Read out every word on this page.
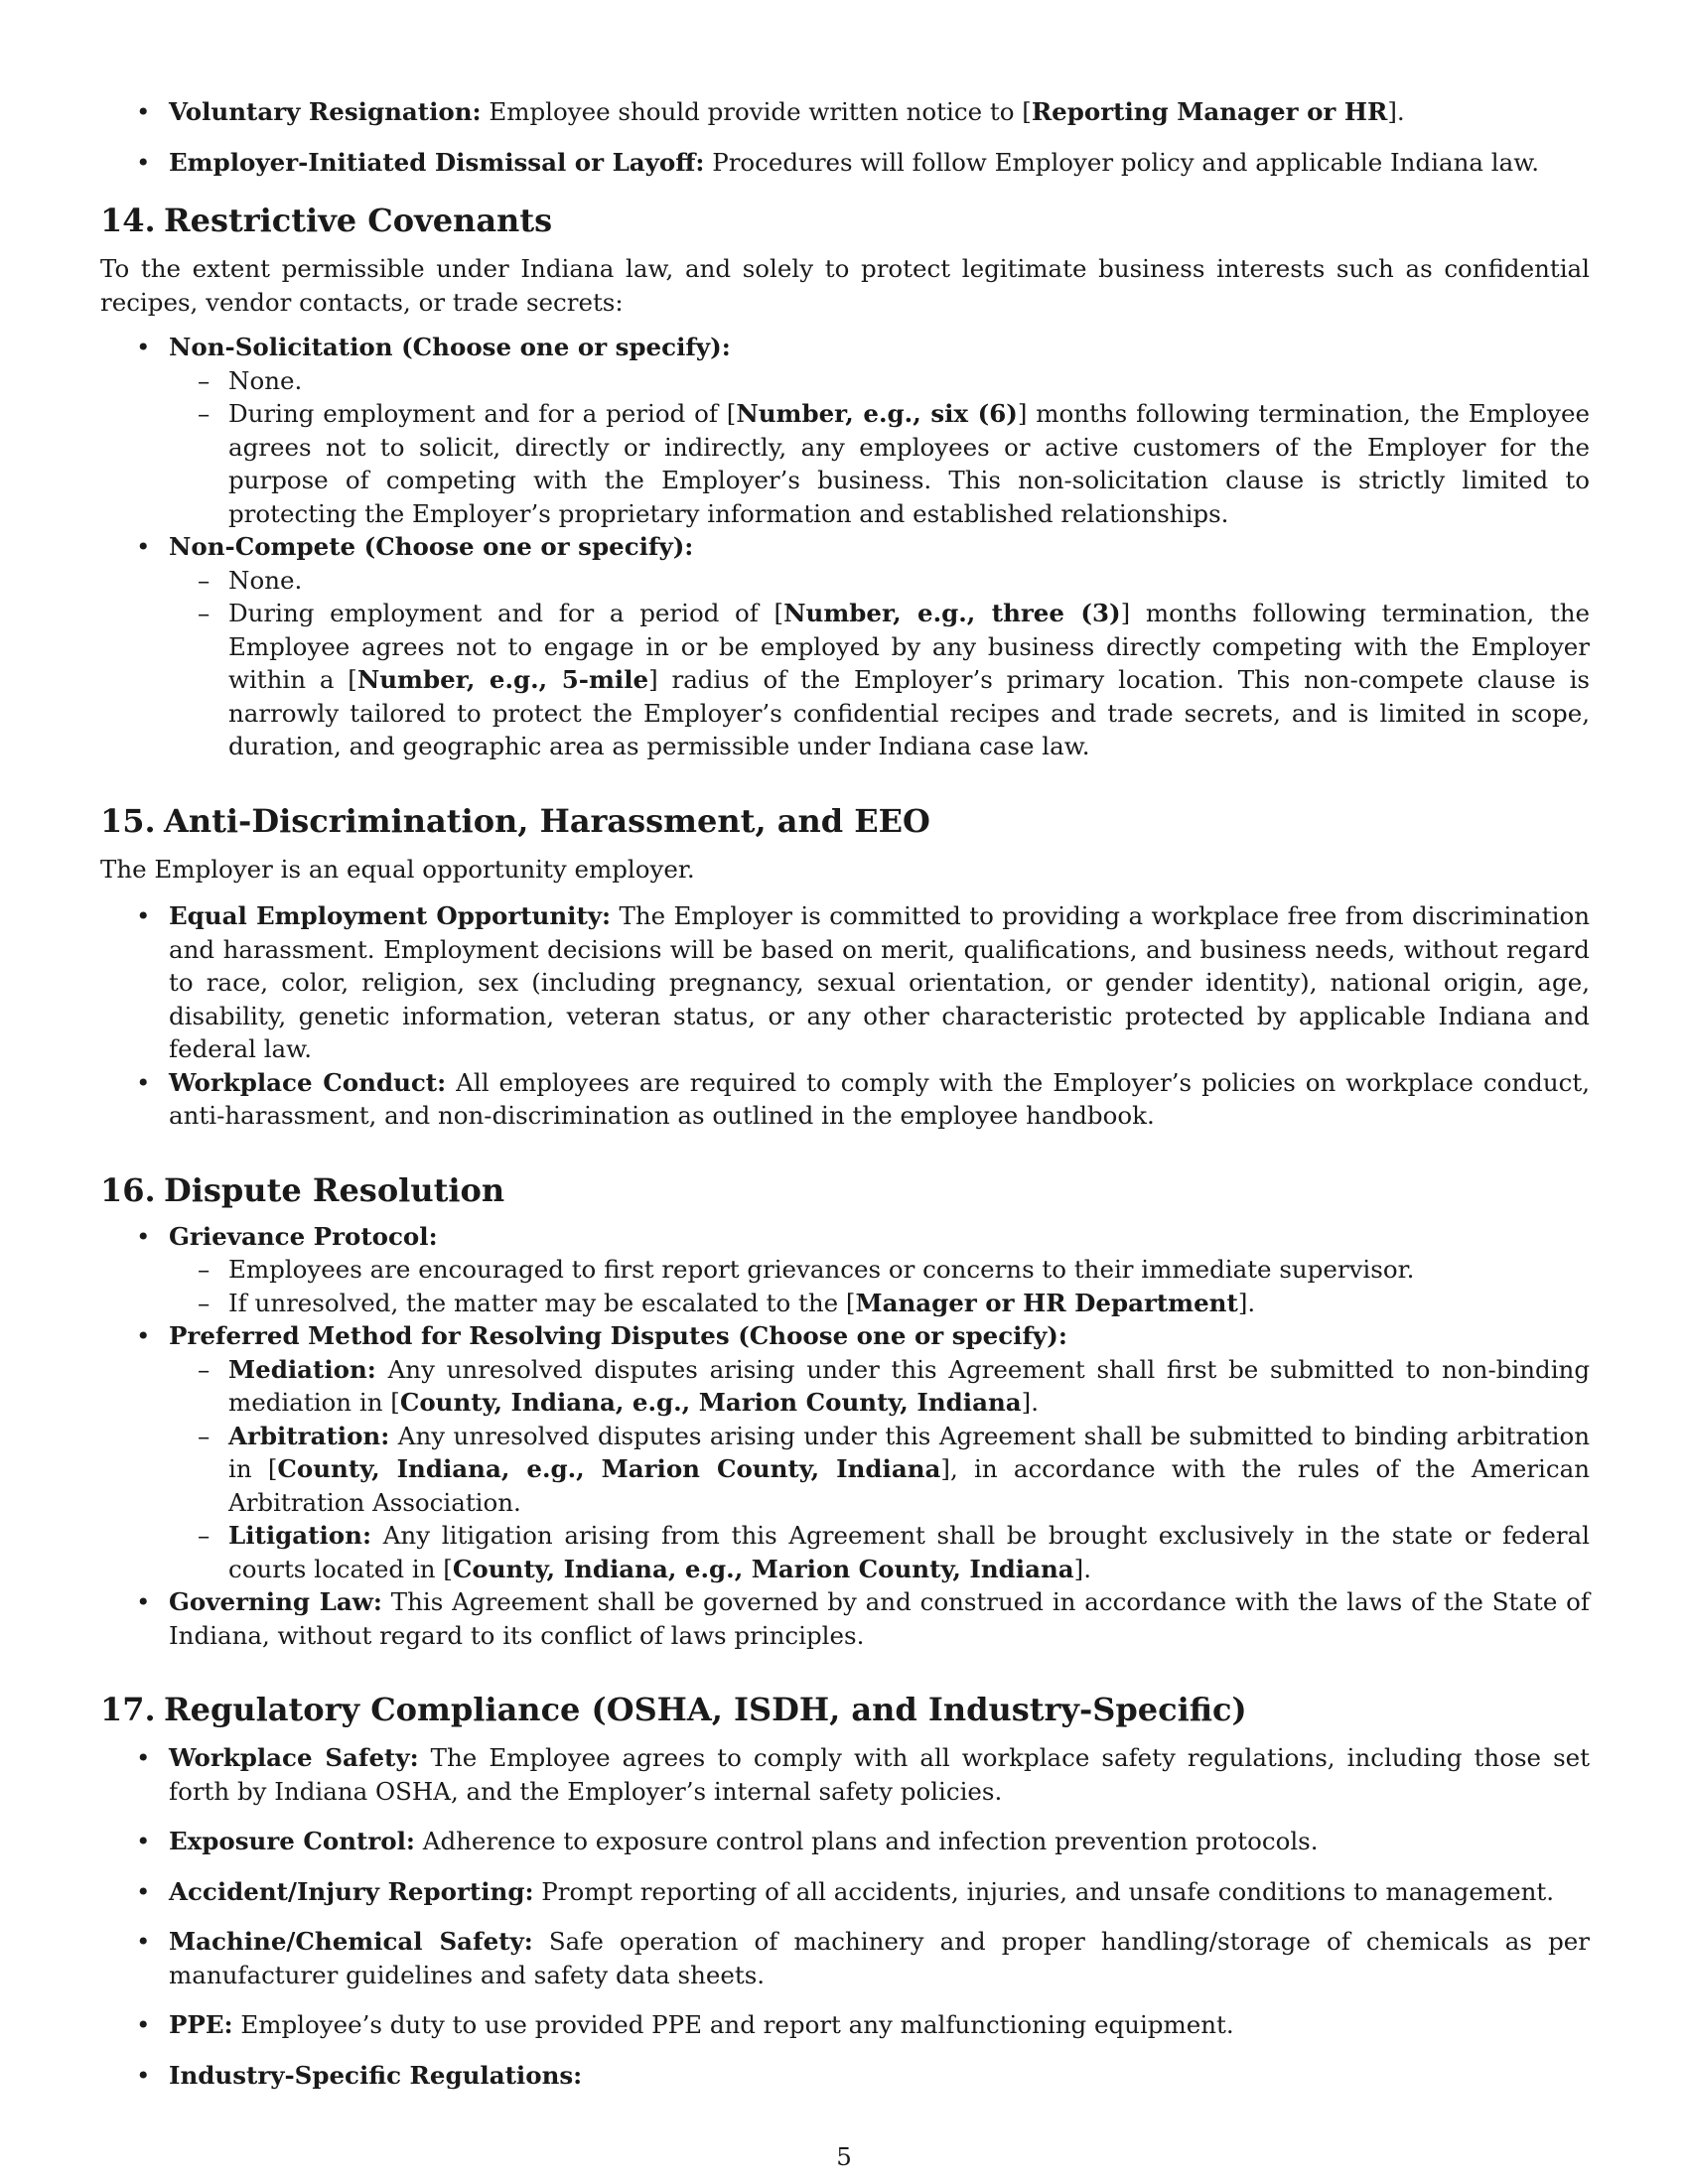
• Voluntary Resignation: Employee should provide written notice to [Reporting Manager or HR].
• Employer-Initiated Dismissal or Layoff: Procedures will follow Employer policy and applicable Indiana law.
14. Restrictive Covenants

To the extent permissible under Indiana law, and solely to protect legitimate business interests such as confidential recipes, vendor contacts, or trade secrets:

• Non-Solicitation (Choose one or specify):
– None.
– During employment and for a period of [Number, e.g., six (6)] months following termination, the Employee agrees not to solicit, directly or indirectly, any employees or active customers of the Employer for the purpose of competing with the Employer’s business. This non-solicitation clause is strictly limited to protecting the Employer’s proprietary information and established relationships.
• Non-Compete (Choose one or specify):
– None.
– During employment and for a period of [Number, e.g., three (3)] months following termination, the Employee agrees not to engage in or be employed by any business directly competing with the Employer within a [Number, e.g., 5-mile] radius of the Employer’s primary location. This non-compete clause is narrowly tailored to protect the Employer’s confidential recipes and trade secrets, and is limited in scope, duration, and geographic area as permissible under Indiana case law.
15. Anti-Discrimination, Harassment, and EEO

The Employer is an equal opportunity employer.

• Equal Employment Opportunity: The Employer is committed to providing a workplace free from discrimination and harassment. Employment decisions will be based on merit, qualifications, and business needs, without regard to race, color, religion, sex (including pregnancy, sexual orientation, or gender identity), national origin, age, disability, genetic information, veteran status, or any other characteristic protected by applicable Indiana and federal law.
• Workplace Conduct: All employees are required to comply with the Employer’s policies on workplace conduct, anti-harassment, and non-discrimination as outlined in the employee handbook.
16. Dispute Resolution
• Grievance Protocol:
– Employees are encouraged to first report grievances or concerns to their immediate supervisor.
– If unresolved, the matter may be escalated to the [Manager or HR Department].
• Preferred Method for Resolving Disputes (Choose one or specify):
– Mediation: Any unresolved disputes arising under this Agreement shall first be submitted to non-binding mediation in [County, Indiana, e.g., Marion County, Indiana].
– Arbitration: Any unresolved disputes arising under this Agreement shall be submitted to binding arbitration in [County, Indiana, e.g., Marion County, Indiana], in accordance with the rules of the American Arbitration Association.
– Litigation: Any litigation arising from this Agreement shall be brought exclusively in the state or federal courts located in [County, Indiana, e.g., Marion County, Indiana].
• Governing Law: This Agreement shall be governed by and construed in accordance with the laws of the State of Indiana, without regard to its conflict of laws principles.
17. Regulatory Compliance (OSHA, ISDH, and Industry-Specific)
• Workplace Safety: The Employee agrees to comply with all workplace safety regulations, including those set forth by Indiana OSHA, and the Employer’s internal safety policies.
• Exposure Control: Adherence to exposure control plans and infection prevention protocols.
• Accident/Injury Reporting: Prompt reporting of all accidents, injuries, and unsafe conditions to management.
• Machine/Chemical Safety: Safe operation of machinery and proper handling/storage of chemicals as per manufacturer guidelines and safety data sheets.
• PPE: Employee’s duty to use provided PPE and report any malfunctioning equipment.
• Industry-Specific Regulations:
5
